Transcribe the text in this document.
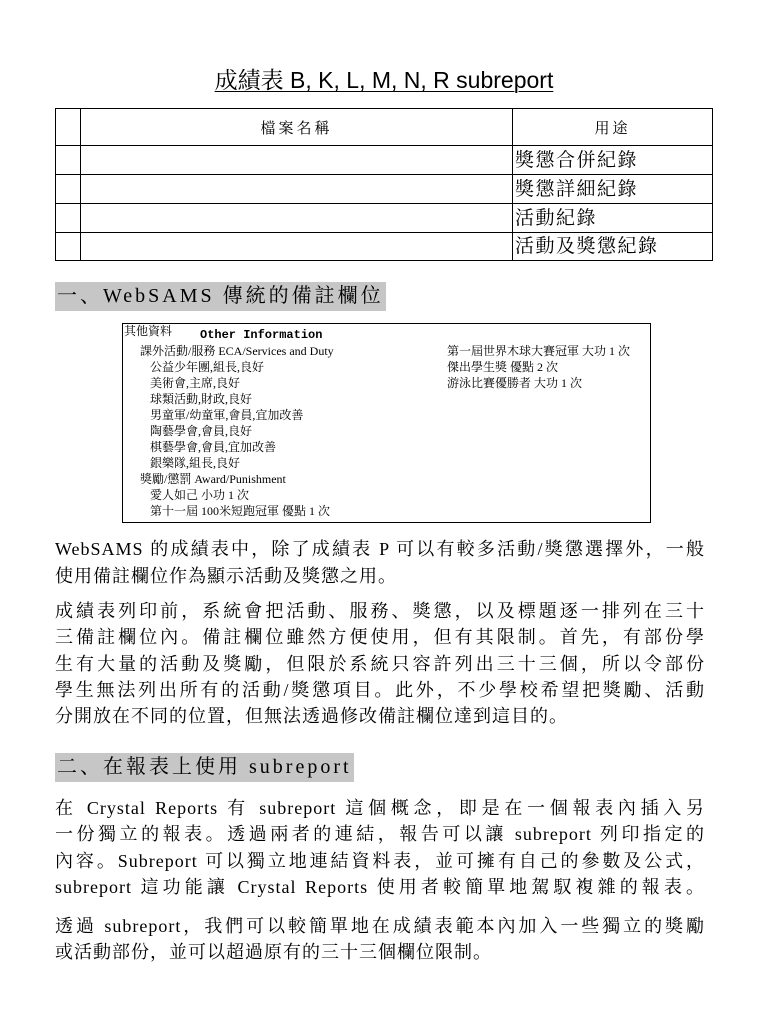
成績表 B, K, L, M, N, R subreport
	檔案名稱	用途
		獎懲合併紀錄
		獎懲詳細紀錄
		活動紀錄
		活動及獎懲紀錄
一、WebSAMS 傳統的備註欄位
其他資料 Other Information
課外活動/服務 ECA/Services and Duty
公益少年團,組長,良好
美術會,主席,良好
球類活動,財政,良好
男童軍/幼童軍,會員,宜加改善
陶藝學會,會員,良好
棋藝學會,會員,宜加改善
銀樂隊,組長,良好
獎勵/懲罰 Award/Punishment
愛人如己 小功 1 次
第十一屆 100米短跑冠軍 優點 1 次
第一屆世界木球大賽冠軍 大功 1 次
傑出學生獎 優點 2 次
游泳比賽優勝者 大功 1 次
WebSAMS 的成績表中，除了成績表 P 可以有較多活動/獎懲選擇外，一般
使用備註欄位作為顯示活動及獎懲之用。
成績表列印前，系統會把活動、服務、獎懲，以及標題逐一排列在三十
三備註欄位內。備註欄位雖然方便使用，但有其限制。首先，有部份學
生有大量的活動及獎勵，但限於系統只容許列出三十三個，所以令部份
學生無法列出所有的活動/獎懲項目。此外，不少學校希望把獎勵、活動
分開放在不同的位置，但無法透過修改備註欄位達到這目的。
二、在報表上使用 subreport
在 Crystal Reports 有 subreport 這個概念，即是在一個報表內插入另
一份獨立的報表。透過兩者的連結，報告可以讓 subreport 列印指定的
內容。Subreport 可以獨立地連結資料表，並可擁有自己的參數及公式，
subreport 這功能讓 Crystal Reports 使用者較簡單地駕馭複雜的報表。
透過 subreport，我們可以較簡單地在成績表範本內加入一些獨立的獎勵
或活動部份，並可以超過原有的三十三個欄位限制。
